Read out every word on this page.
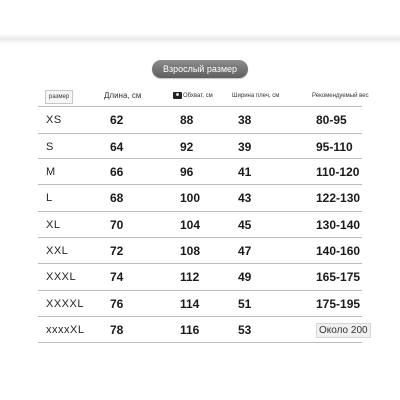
Взрослый размер
размер	Длина, см	Обхват, см	Ширина плеч, см	Рекомендуемый вес
XS	62	88	38	80-95
S	64	92	39	95-110
M	66	96	41	110-120
L	68	100	43	122-130
XL	70	104	45	130-140
XXL	72	108	47	140-160
XXXL	74	112	49	165-175
XXXXL 76	114	51	175-195
xxxxXL 78	116	53	Около 200
